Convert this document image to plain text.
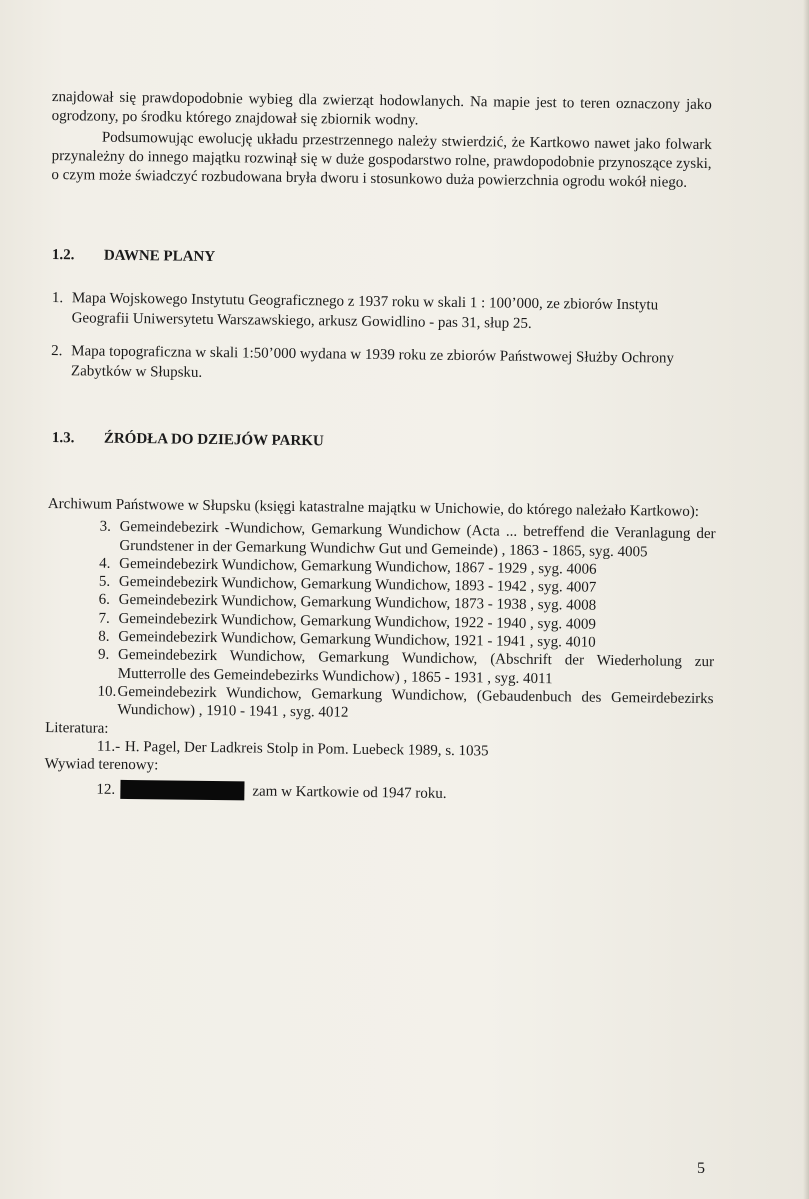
znajdował się prawdopodobnie wybieg dla zwierząt hodowlanych. Na mapie jest to teren oznaczony jako ogrodzony, po środku którego znajdował się zbiornik wodny.
Podsumowując ewolucję układu przestrzennego należy stwierdzić, że Kartkowo nawet jako folwark przynależny do innego majątku rozwinął się w duże gospodarstwo rolne, prawdopodobnie przynoszące zyski, o czym może świadczyć rozbudowana bryła dworu i stosunkowo duża powierzchnia ogrodu wokół niego.
1.2. DAWNE PLANY
1. Mapa Wojskowego Instytutu Geograficznego z 1937 roku w skali 1 : 100’000, ze zbiorów Instytu Geografii Uniwersytetu Warszawskiego, arkusz Gowidlino - pas 31, słup 25.
2. Mapa topograficzna w skali 1:50’000 wydana w 1939 roku ze zbiorów Państwowej Służby Ochrony Zabytków w Słupsku.
1.3. ŹRÓDŁA DO DZIEJÓW PARKU
Archiwum Państwowe w Słupsku (księgi katastralne majątku w Unichowie, do którego należało Kartkowo):
3. Gemeindebezirk -Wundichow, Gemarkung Wundichow (Acta ... betreffend die Veranlagung der Grundstener in der Gemarkung Wundichw Gut und Gemeinde) , 1863 - 1865, syg. 4005
4. Gemeindebezirk Wundichow, Gemarkung Wundichow, 1867 - 1929 , syg. 4006
5. Gemeindebezirk Wundichow, Gemarkung Wundichow, 1893 - 1942 , syg. 4007
6. Gemeindebezirk Wundichow, Gemarkung Wundichow, 1873 - 1938 , syg. 4008
7. Gemeindebezirk Wundichow, Gemarkung Wundichow, 1922 - 1940 , syg. 4009
8. Gemeindebezirk Wundichow, Gemarkung Wundichow, 1921 - 1941 , syg. 4010
9. Gemeindebezirk Wundichow, Gemarkung Wundichow, (Abschrift der Wiederholung zur Mutterrolle des Gemeindebezirks Wundichow) , 1865 - 1931 , syg. 4011
10. Gemeindebezirk Wundichow, Gemarkung Wundichow, (Gebaudenbuch des Gemeirdebezirks Wundichow) , 1910 - 1941 , syg. 4012
Literatura:
11.- H. Pagel, Der Ladkreis Stolp in Pom. Luebeck 1989, s. 1035
Wywiad terenowy:
12.	zam w Kartkowie od 1947 roku.
5
